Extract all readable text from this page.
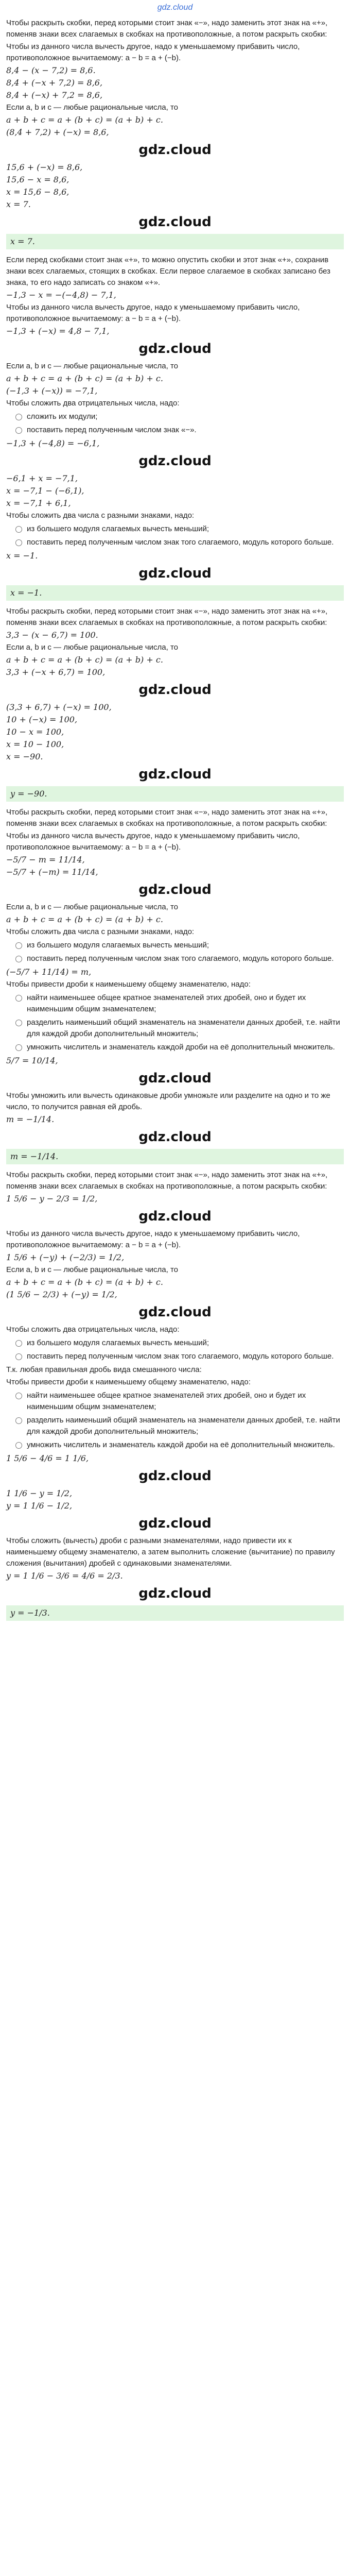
gdz.cloud
Чтобы раскрыть скобки, перед которыми стоит знак «−», надо заменить этот знак на «+», поменяв знаки всех слагаемых в скобках на противоположные, а потом раскрыть скобки:
Чтобы из данного числа вычесть другое, надо к уменьшаемому прибавить число, противоположное вычитаемому: a − b = a + (−b).
8,4 − (x − 7,2) = 8,6.
8,4 + (−x + 7,2) = 8,6,
8,4 + (−x) + 7,2 = 8,6,
Если a, b и c — любые рациональные числа, то
a + b + c = a + (b + c) = (a + b) + c.
(8,4 + 7,2) + (−x) = 8,6,
gdz.cloud
15,6 + (−x) = 8,6,
15,6 − x = 8,6,
x = 15,6 − 8,6,
x = 7.
gdz.cloud
x = 7.
Если перед скобками стоит знак «+», то можно опустить скобки и этот знак «+», сохранив знаки всех слагаемых, стоящих в скобках. Если первое слагаемое в скобках записано без знака, то его надо записать со знаком «+».
−1,3 − x = −(−4,8) − 7,1,
Чтобы из данного числа вычесть другое, надо к уменьшаемому прибавить число, противоположное вычитаемому: a − b = a + (−b).
−1,3 + (−x) = 4,8 − 7,1,
gdz.cloud
Если a, b и c — любые рациональные числа, то
a + b + c = a + (b + c) = (a + b) + c.
(−1,3 + (−x)) = −7,1,
Чтобы сложить два отрицательных числа, надо:
сложить их модули;
поставить перед полученным числом знак «−».
−1,3 + (−4,8) = −6,1,
gdz.cloud
−6,1 + x = −7,1,
x = −7,1 − (−6,1),
x = −7,1 + 6,1,
Чтобы сложить два числа с разными знаками, надо:
из большего модуля слагаемых вычесть меньший;
поставить перед полученным числом знак того слагаемого, модуль которого больше.
x = −1.
gdz.cloud
x = −1.
Чтобы раскрыть скобки, перед которыми стоит знак «−», надо заменить этот знак на «+», поменяв знаки всех слагаемых в скобках на противоположные, а потом раскрыть скобки:
3,3 − (x − 6,7) = 100.
Если a, b и c — любые рациональные числа, то
a + b + c = a + (b + c) = (a + b) + c.
3,3 + (−x + 6,7) = 100,
gdz.cloud
(3,3 + 6,7) + (−x) = 100,
10 + (−x) = 100,
10 − x = 100,
x = 10 − 100,
x = −90.
gdz.cloud
y = −90.
Чтобы раскрыть скобки, перед которыми стоит знак «−», надо заменить этот знак на «+», поменяв знаки всех слагаемых в скобках на противоположные, а потом раскрыть скобки:
Чтобы из данного числа вычесть другое, надо к уменьшаемому прибавить число, противоположное вычитаемому: a − b = a + (−b).
−5/7 − m = 11/14,
−5/7 + (−m) = 11/14,
gdz.cloud
Если a, b и c — любые рациональные числа, то
a + b + c = a + (b + c) = (a + b) + c.
Чтобы сложить два числа с разными знаками, надо:
из большего модуля слагаемых вычесть меньший;
поставить перед полученным числом знак того слагаемого, модуль которого больше.
(−5/7 + 11/14) = m,
Чтобы привести дроби к наименьшему общему знаменателю, надо:
найти наименьшее общее кратное знаменателей этих дробей, оно и будет их наименьшим общим знаменателем;
разделить наименьший общий знаменатель на знаменатели данных дробей, т.е. найти для каждой дроби дополнительный множитель;
умножить числитель и знаменатель каждой дроби на её дополнительный множитель.
5/7 = 10/14,
gdz.cloud
Чтобы умножить или вычесть одинаковые дроби умножьте или разделите на одно и то же число, то получится равная ей дробь.
m = −1/14.
gdz.cloud
m = −1/14.
Чтобы раскрыть скобки, перед которыми стоит знак «−», надо заменить этот знак на «+», поменяв знаки всех слагаемых в скобках на противоположные, а потом раскрыть скобки:
1 5/6 − y − 2/3 = 1/2,
gdz.cloud
Чтобы из данного числа вычесть другое, надо к уменьшаемому прибавить число, противоположное вычитаемому: a − b = a + (−b).
1 5/6 + (−y) + (−2/3) = 1/2,
Если a, b и c — любые рациональные числа, то
a + b + c = a + (b + c) = (a + b) + c.
(1 5/6 − 2/3) + (−y) = 1/2,
gdz.cloud
Чтобы сложить два отрицательных числа, надо:
из большего модуля слагаемых вычесть меньший;
поставить перед полученным числом знак того слагаемого, модуль которого больше.
Т.к. любая правильная дробь вида смешанного числа:
Чтобы привести дроби к наименьшему общему знаменателю, надо:
найти наименьшее общее кратное знаменателей этих дробей, оно и будет их наименьшим общим знаменателем;
разделить наименьший общий знаменатель на знаменатели данных дробей, т.е. найти для каждой дроби дополнительный множитель;
умножить числитель и знаменатель каждой дроби на её дополнительный множитель.
1 5/6 − 4/6 = 1 1/6,
gdz.cloud
1 1/6 − y = 1/2,
y = 1 1/6 − 1/2,
gdz.cloud
Чтобы сложить (вычесть) дроби с разными знаменателями, надо привести их к наименьшему общему знаменателю, а затем выполнить сложение (вычитание) по правилу сложения (вычитания) дробей с одинаковыми знаменателями.
y = 1 1/6 − 3/6 = 4/6 = 2/3.
gdz.cloud
y = −1/3.
